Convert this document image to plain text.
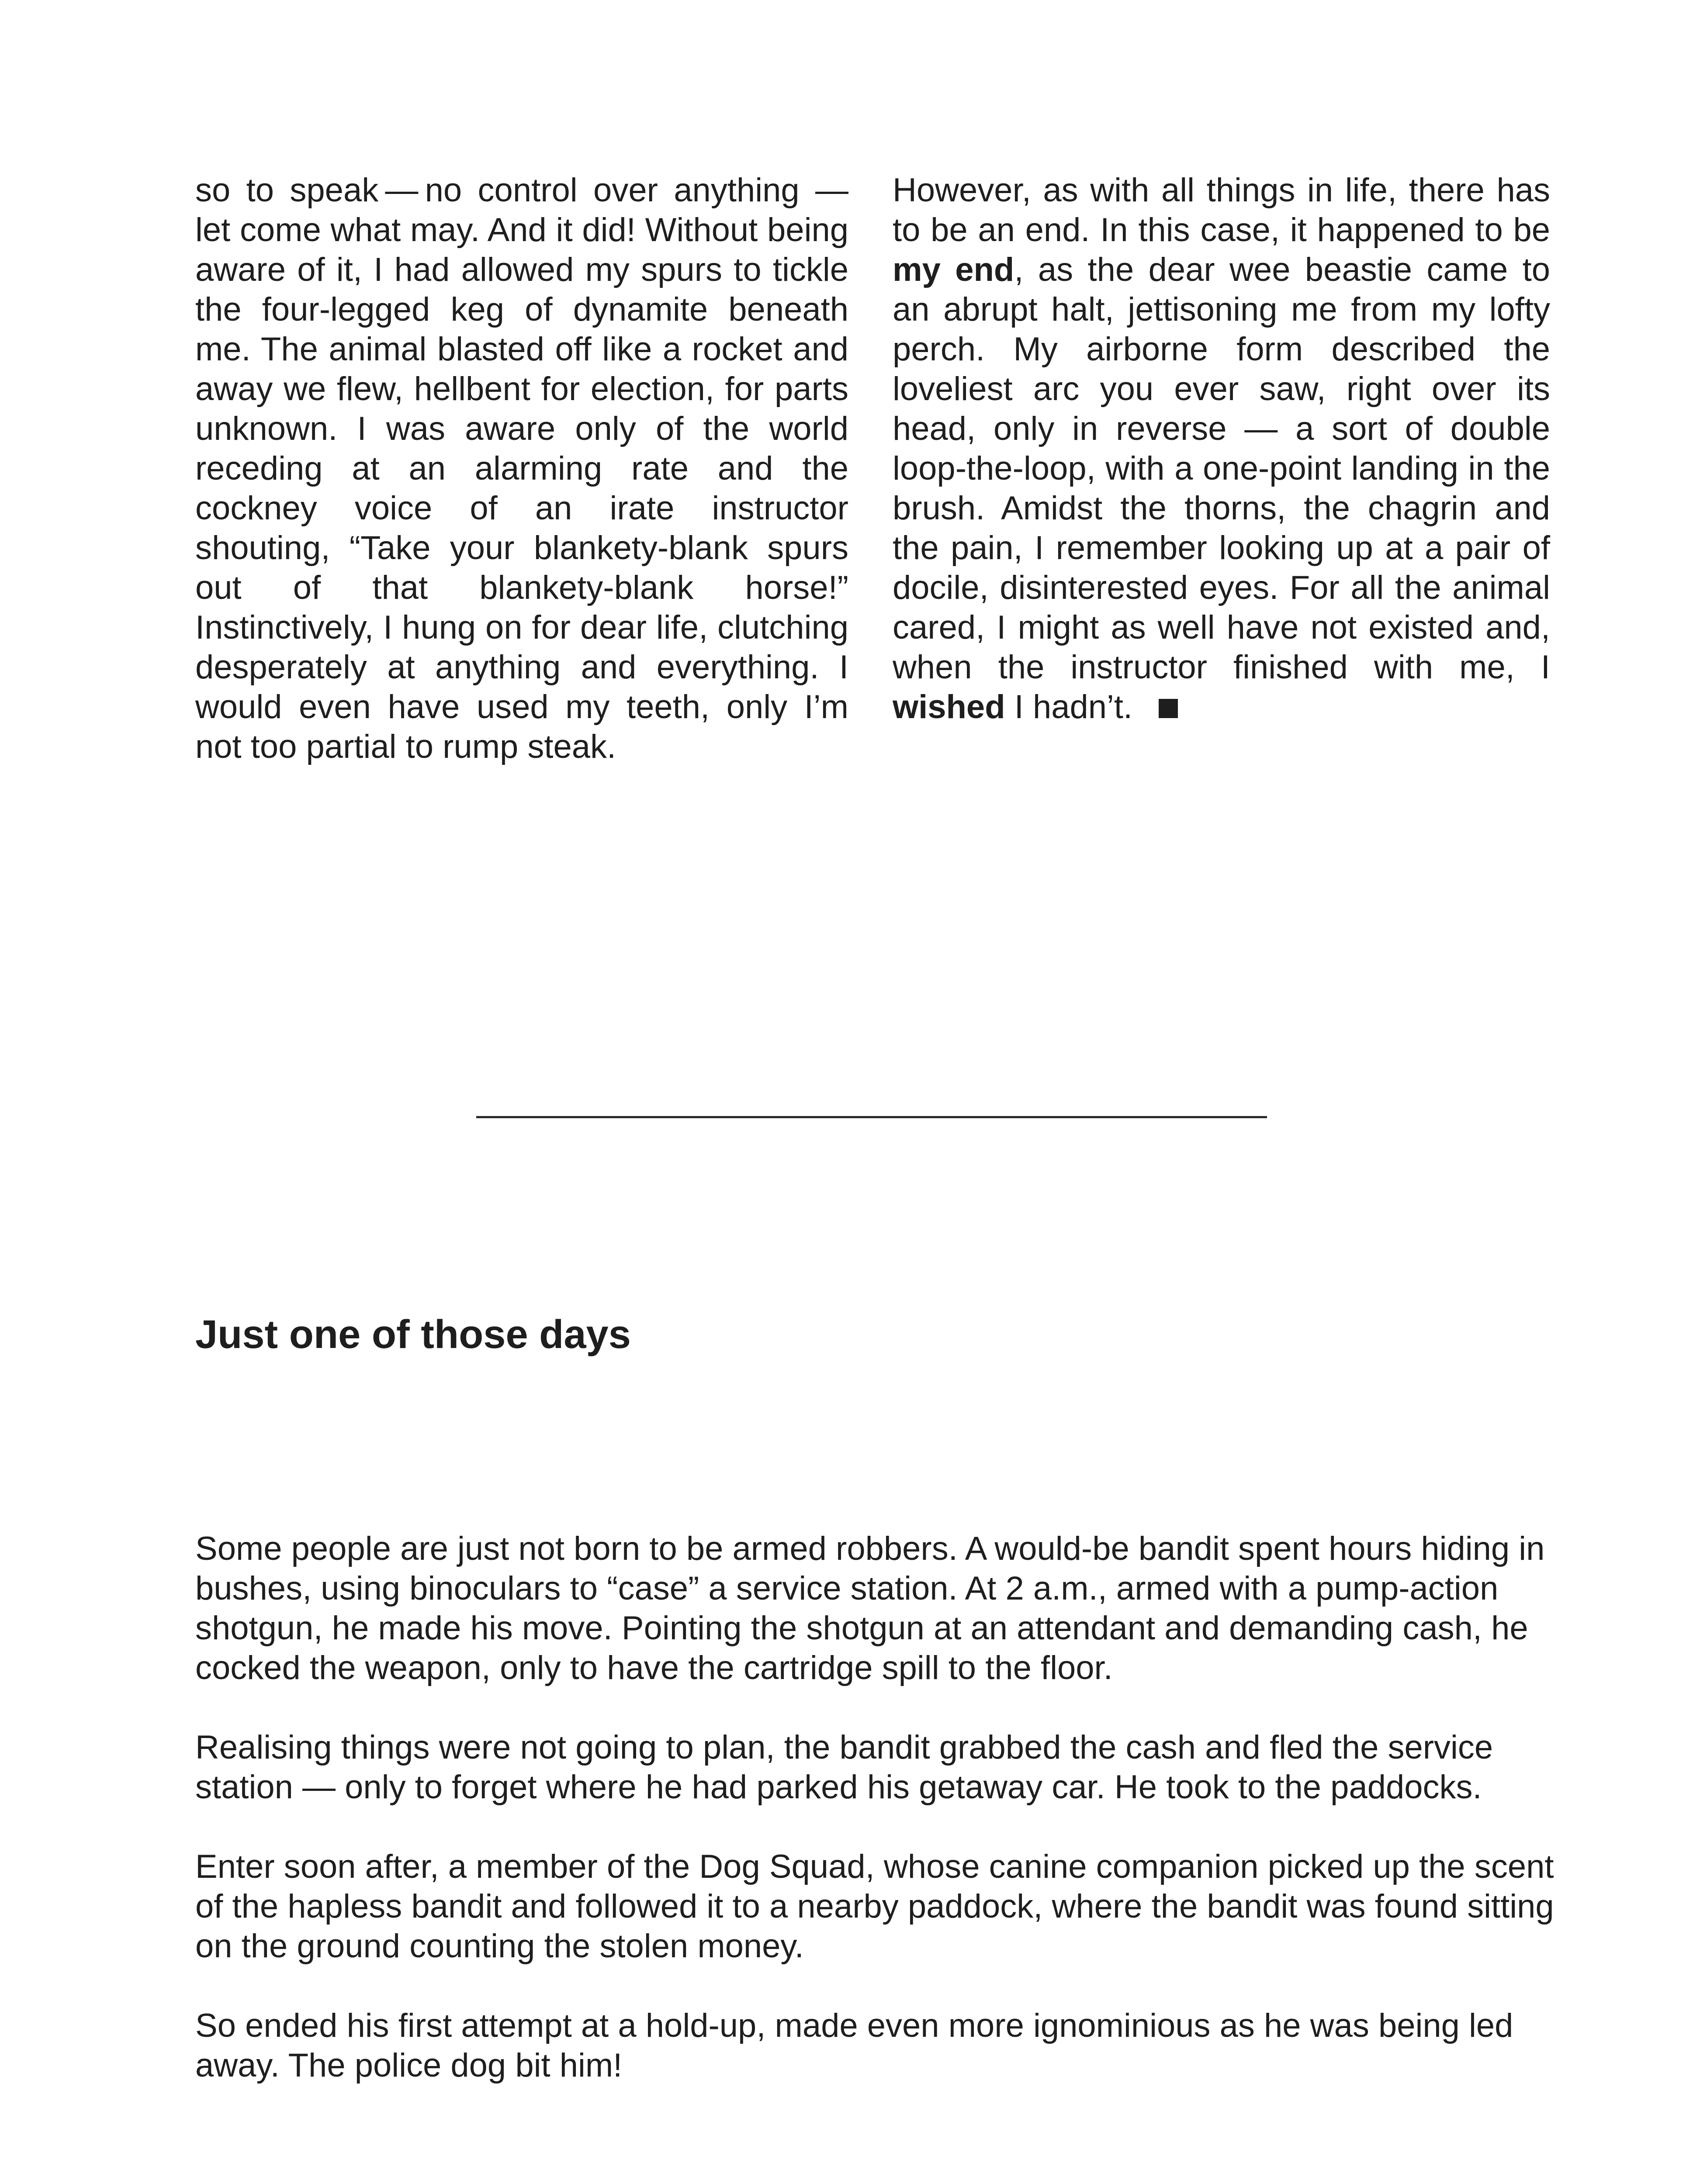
so to speak — no control over anything — let come what may. And it did! Without being aware of it, I had allowed my spurs to tickle the four-legged keg of dynamite beneath me. The animal blasted off like a rocket and away we flew, hellbent for election, for parts unknown. I was aware only of the world receding at an alarming rate and the cockney voice of an irate instructor shouting, “Take your blankety-blank spurs out of that blankety-blank horse!” Instinctively, I hung on for dear life, clutching desperately at anything and everything. I would even have used my teeth, only I’m not too partial to rump steak.

However, as with all things in life, there has to be an end. In this case, it happened to be my end, as the dear wee beastie came to an abrupt halt, jettisoning me from my lofty perch. My airborne form described the loveliest arc you ever saw, right over its head, only in reverse — a sort of double loop-the-loop, with a one-point landing in the brush. Amidst the thorns, the chagrin and the pain, I remember looking up at a pair of docile, disinterested eyes. For all the animal cared, I might as well have not existed and, when the instructor finished with me, I wished I hadn’t.

Just one of those days

Some people are just not born to be armed robbers. A would-be bandit spent hours hiding in bushes, using binoculars to “case” a service station. At 2 a.m., armed with a pump-action shotgun, he made his move. Pointing the shotgun at an attendant and demanding cash, he cocked the weapon, only to have the cartridge spill to the floor.

Realising things were not going to plan, the bandit grabbed the cash and fled the service station — only to forget where he had parked his getaway car. He took to the paddocks.

Enter soon after, a member of the Dog Squad, whose canine companion picked up the scent of the hapless bandit and followed it to a nearby paddock, where the bandit was found sitting on the ground counting the stolen money.

So ended his first attempt at a hold-up, made even more ignominious as he was being led away. The police dog bit him!
